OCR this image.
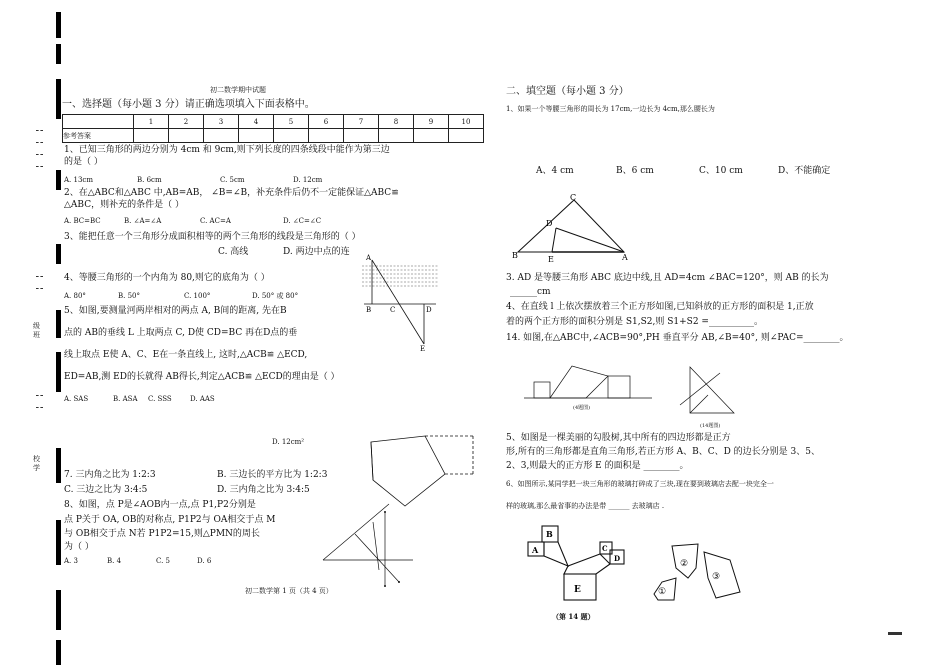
级 班
校学
初二数学期中试题
一、选择题（每小题 3 分）请正确选项填入下面表格中。
	1	2	3	4	5	6	7	8	9	10
参考答案										
1、已知三角形的两边分别为 4cm 和 9cm,则下列长度的四条线段中能作为第三边
的是（ ）
A. 13cm	B. 6cm	C. 5cm	D. 12cm
2、在△ABC和△ABC 中,AB=AB， ∠B=∠B，补充条件后仍不一定能保证△ABC≌
△ABC，则补充的条件是（ ）
A. BC=BC	B. ∠A=∠A	C. AC=A	D. ∠C=∠C
3、能把任意一个三角形分成面积相等的两个三角形的线段是三角形的（ ）
C. 高线	D. 两边中点的连
4、等腰三角形的一个内角为 80,则它的底角为（ ）
A. 80°	B. 50°	C. 100°	D. 50° 或 80°
5、如图,要测量河两岸相对的两点 A, B间的距离, 先在B
点的 AB的垂线 L 上取两点 C, D使 CD=BC 再在D点的垂
线上取点 E使 A、C、E在一条直线上, 这时,△ACB≌ △ECD,
ED=AB,测 ED的长就得 AB得长,判定△ACB≌ △ECD的理由是（ ）
A. SAS	B. ASA C. SSS	D. AAS
D. 12cm²
7. 三内角之比为 1:2:3	B. 三边长的平方比为 1:2:3
C. 三边之比为 3:4:5	D. 三内角之比为 3:4:5
8、如图，点 P是∠AOB内一点,点 P1,P2分别是
点 P关于 OA, OB的对称点, P1P2与 OA相交于点 M
与 OB相交于点 N若 P1P2=15,则△PMN的周长
为（ ）
A. 3	B. 4	C. 5	D. 6
初二数学第 1 页（共 4 页）
A
B	C	D
E
二、填空题（每小题 3 分）
1、如果一个等腰三角形的周长为 17cm,一边长为 4cm,那么腰长为
A、4 cm	B、6 cm	C、10 cm	D、不能确定
C
D
B	E	A
3. AD 是等腰三角形 ABC 底边中线,且 AD=4cm ∠BAC=120°，则 AB 的长为
______cm
4、在直线 l 上依次摆放着三个正方形如图,已知斜放的正方形的面积是 1,正放
着的两个正方形的面积分别是 S1,S2,则 S1+S2 =__________。
14. 如图,在△ABC中,∠ACB=90°,PH 垂直平分 AB,∠B=40°, 则∠PAC=________。
(4题图)
(14题图)
5、如图是一棵美丽的勾股树,其中所有的四边形都是正方
形,所有的三角形都是直角三角形,若正方形 A、B、C、D 的边长分别是 3、5、
2、3,则最大的正方形 E 的面积是 ________。
6、如图所示,某同学把一块三角形的玻璃打碎成了三块,现在要到玻璃店去配一块完全一
样的玻璃,那么最省事的办法是带 ______ 去玻璃店 .
B
A	C
D
E
（第 14 题）
②
③
①
